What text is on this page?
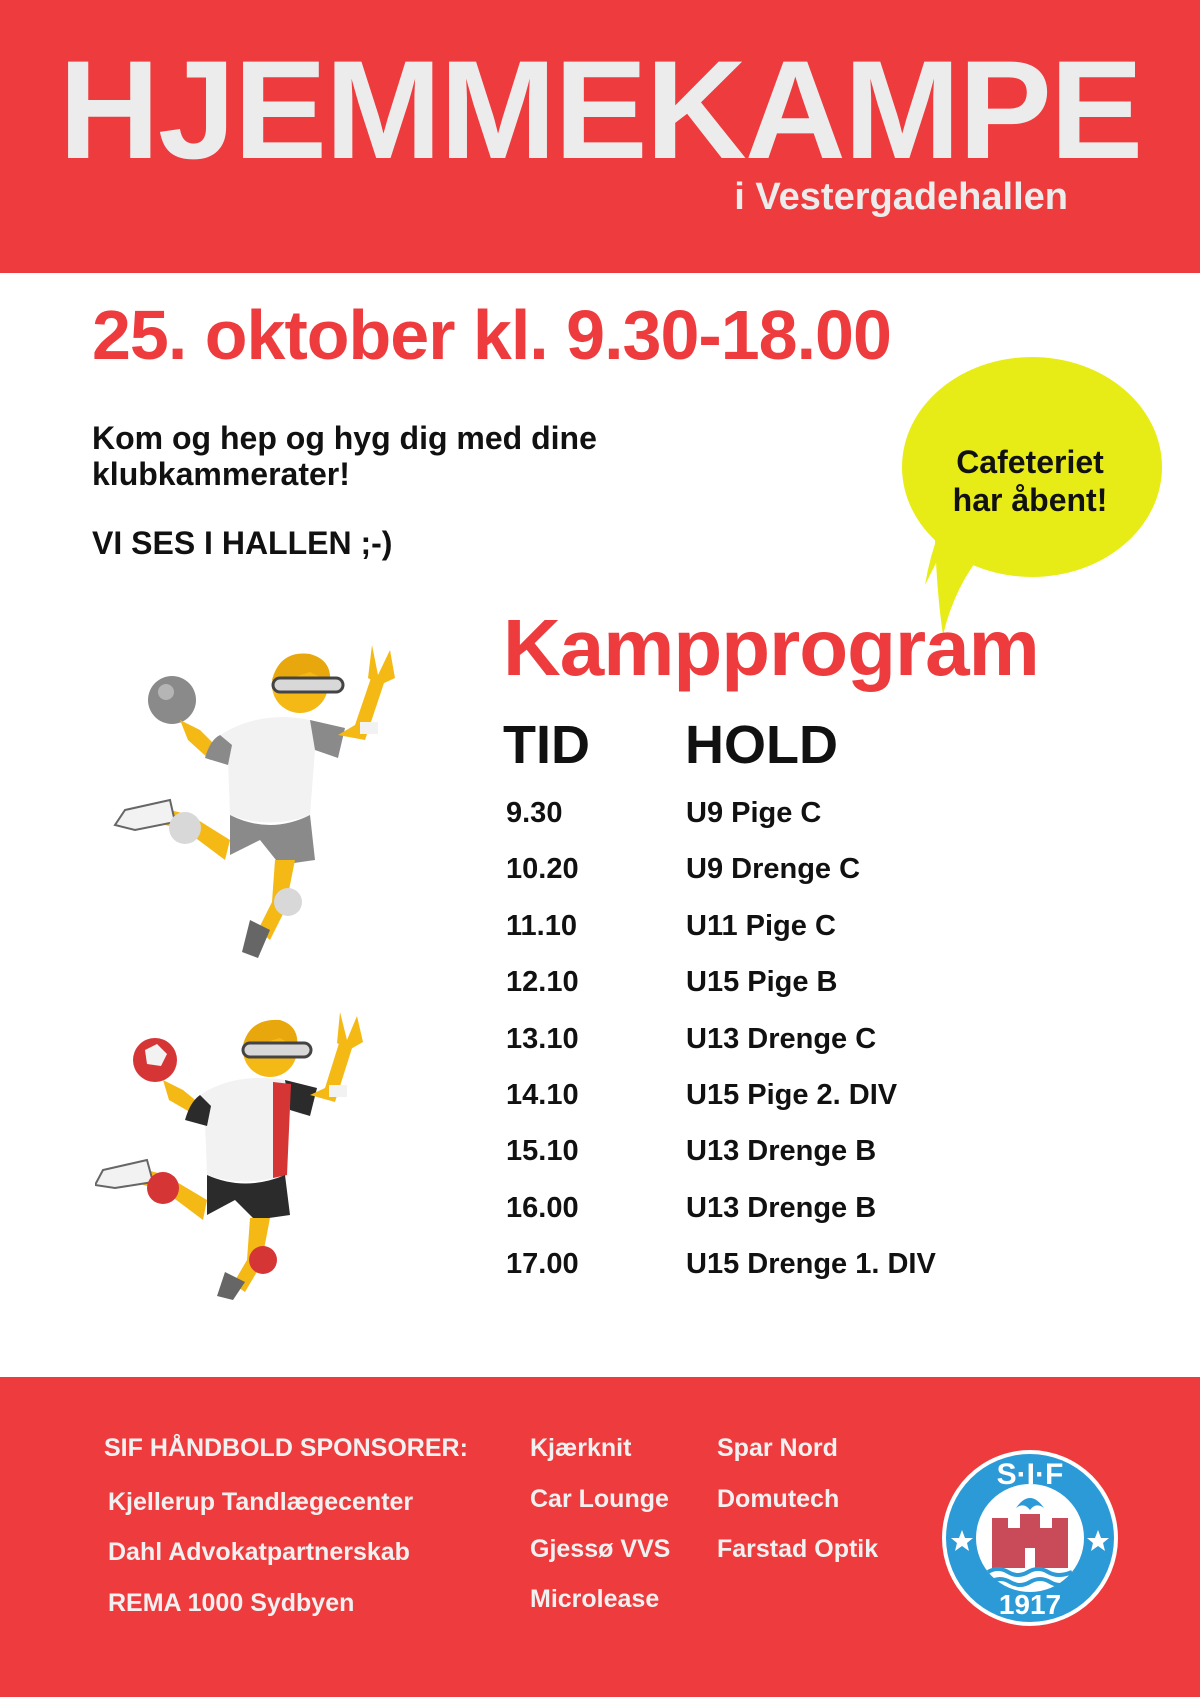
HJEMMEKAMPE
i Vestergadehallen
25. oktober kl. 9.30-18.00
Kom og hep og hyg dig med dine
klubkammerater!
VI SES I HALLEN ;-)
Cafeteriet
har åbent!
Kampprogram
TID HOLD
9.30	U9 Pige C
10.20	U9 Drenge C
11.10	U11 Pige C
12.10	U15 Pige B
13.10	U13 Drenge C
14.10	U15 Pige 2. DIV
15.10	U13 Drenge B
16.00	U13 Drenge B
17.00	U15 Drenge 1. DIV
SIF HÅNDBOLD SPONSORER:
Kjellerup Tandlægecenter
Dahl Advokatpartnerskab
REMA 1000 Sydbyen
Kjærknit
Car Lounge
Gjessø VVS
Microlease
Spar Nord
Domutech
Farstad Optik
S·I·F
1917
